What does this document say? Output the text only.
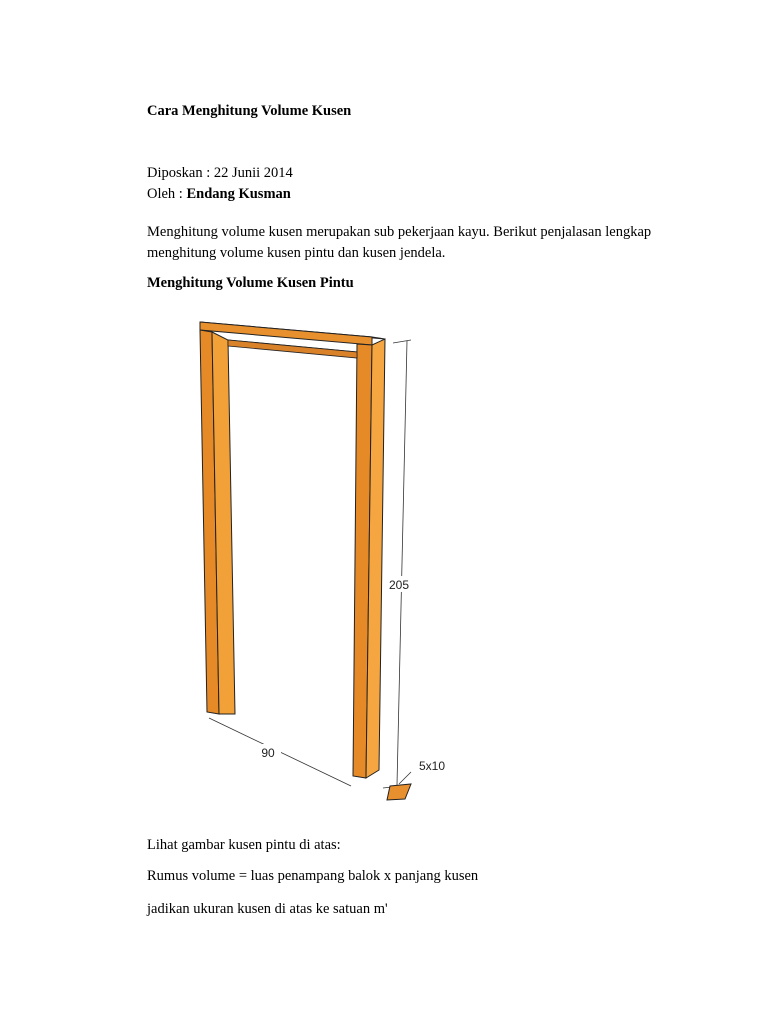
Cara Menghitung Volume Kusen
Diposkan : 22 Junii 2014
Oleh : Endang Kusman
Menghitung volume kusen merupakan sub pekerjaan kayu. Berikut penjalasan lengkap
menghitung volume kusen pintu dan kusen jendela.
Menghitung Volume Kusen Pintu
205
90
5x10
Lihat gambar kusen pintu di atas:
Rumus volume = luas penampang balok x panjang kusen
jadikan ukuran kusen di atas ke satuan m'
